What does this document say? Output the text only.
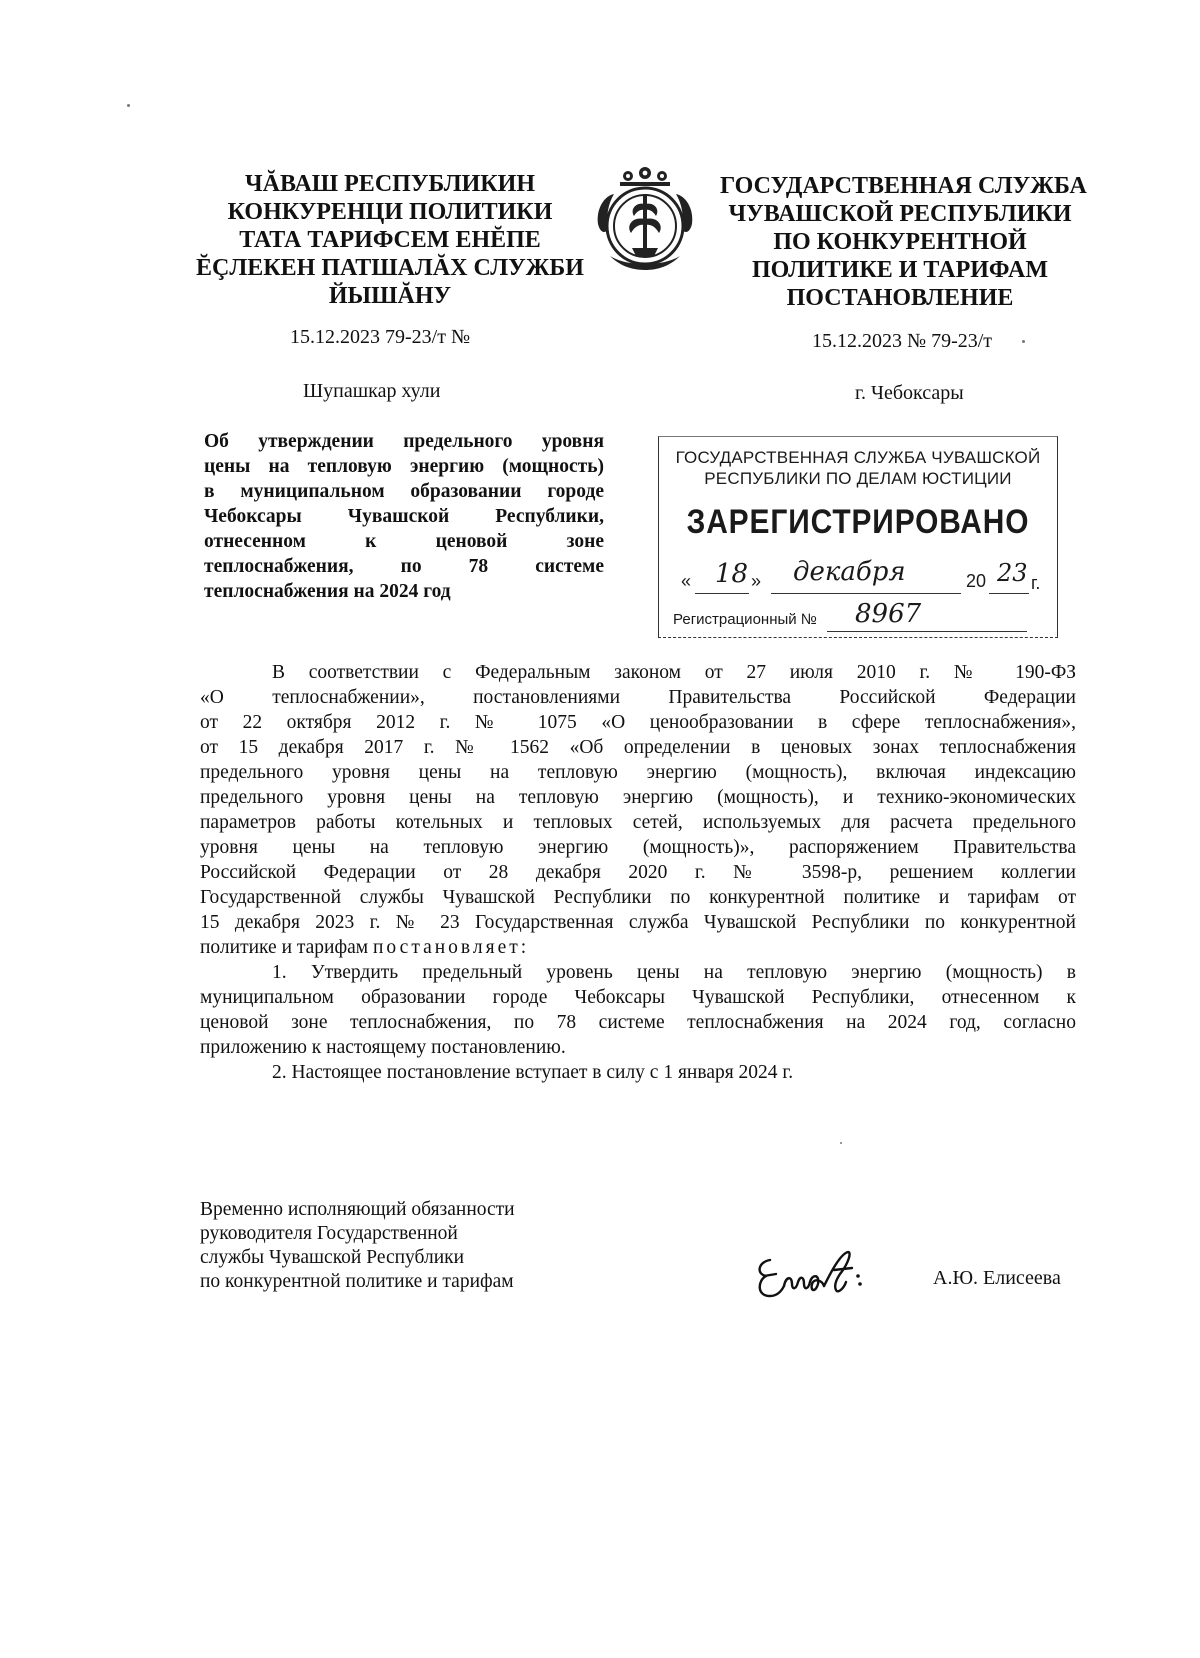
ЧĂВАШ РЕСПУБЛИКИН
КОНКУРЕНЦИ ПОЛИТИКИ
ТАТА ТАРИФСЕМ ЕНĔПЕ
ĔÇЛЕКЕН ПАТШАЛĂХ СЛУЖБИ
ЙЫШĂНУ
ГОСУДАРСТВЕННАЯ СЛУЖБА
ЧУВАШСКОЙ РЕСПУБЛИКИ
ПО КОНКУРЕНТНОЙ
ПОЛИТИКЕ И ТАРИФАМ
ПОСТАНОВЛЕНИЕ
15.12.2023 79-23/т №	15.12.2023 № 79-23/т
Шупашкар хули	г. Чебоксары
Об утверждении предельного уровня
цены на тепловую энергию (мощность)
в муниципальном образовании городе
Чебоксары Чувашской Республики,
отнесенном к ценовой зоне
теплоснабжения, по 78 системе
теплоснабжения на 2024 год
ГОСУДАРСТВЕННАЯ СЛУЖБА ЧУВАШСКОЙ
РЕСПУБЛИКИ ПО ДЕЛАМ ЮСТИЦИИ
ЗАРЕГИСТРИРОВАНО
« 18 » декабря	20 23 г.
Регистрационный № 8967

В соответствии с Федеральным законом от 27 июля 2010 г. № 190-ФЗ
«О теплоснабжении», постановлениями Правительства Российской Федерации
от 22 октября 2012 г. № 1075 «О ценообразовании в сфере теплоснабжения»,
от 15 декабря 2017 г. № 1562 «Об определении в ценовых зонах теплоснабжения
предельного уровня цены на тепловую энергию (мощность), включая индексацию
предельного уровня цены на тепловую энергию (мощность), и технико-экономических
параметров работы котельных и тепловых сетей, используемых для расчета предельного
уровня цены на тепловую энергию (мощность)», распоряжением Правительства
Российской Федерации от 28 декабря 2020 г. № 3598-р, решением коллегии
Государственной службы Чувашской Республики по конкурентной политике и тарифам от
15 декабря 2023 г. № 23 Государственная служба Чувашской Республики по конкурентной
политике и тарифам постановляет:

1. Утвердить предельный уровень цены на тепловую энергию (мощность) в
муниципальном образовании городе Чебоксары Чувашской Республики, отнесенном к
ценовой зоне теплоснабжения, по 78 системе теплоснабжения на 2024 год, согласно
приложению к настоящему постановлению.

2. Настоящее постановление вступает в силу с 1 января 2024 г.

Временно исполняющий обязанности
руководителя Государственной
службы Чувашской Республики
по конкурентной политике и тарифам	А.Ю. Елисеева
